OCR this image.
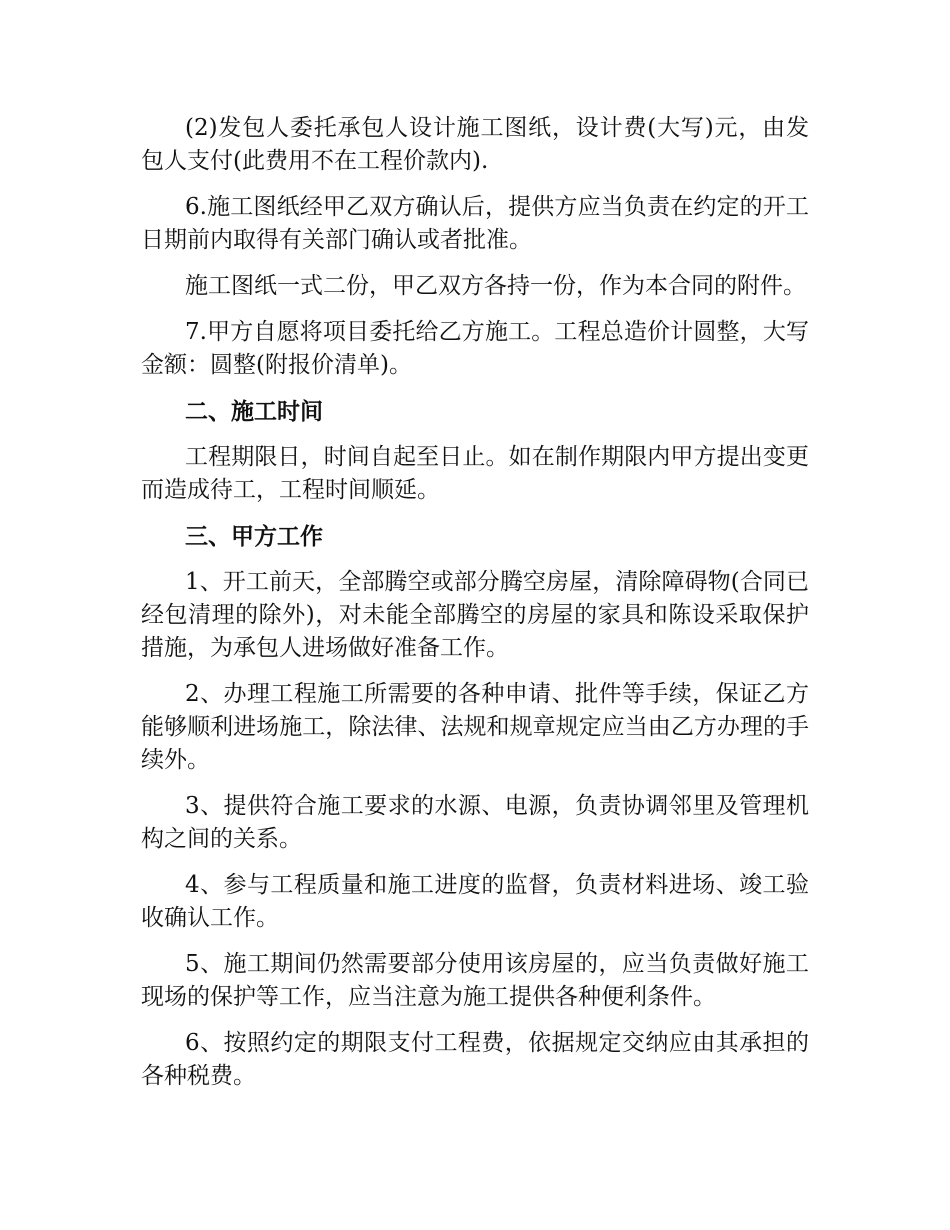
(2)发包人委托承包人设计施工图纸，设计费(大写)元，由发包人支付(此费用不在工程价款内).

6.施工图纸经甲乙双方确认后，提供方应当负责在约定的开工日期前内取得有关部门确认或者批准。

施工图纸一式二份，甲乙双方各持一份，作为本合同的附件。

7.甲方自愿将项目委托给乙方施工。工程总造价计圆整，大写金额：圆整(附报价清单)。

二、施工时间

工程期限日，时间自起至日止。如在制作期限内甲方提出变更而造成待工，工程时间顺延。

三、甲方工作

1、开工前天，全部腾空或部分腾空房屋，清除障碍物(合同已经包清理的除外)，对未能全部腾空的房屋的家具和陈设采取保护措施，为承包人进场做好准备工作。

2、办理工程施工所需要的各种申请、批件等手续，保证乙方能够顺利进场施工，除法律、法规和规章规定应当由乙方办理的手续外。

3、提供符合施工要求的水源、电源，负责协调邻里及管理机构之间的关系。

4、参与工程质量和施工进度的监督，负责材料进场、竣工验收确认工作。

5、施工期间仍然需要部分使用该房屋的，应当负责做好施工现场的保护等工作，应当注意为施工提供各种便利条件。

6、按照约定的期限支付工程费，依据规定交纳应由其承担的各种税费。
